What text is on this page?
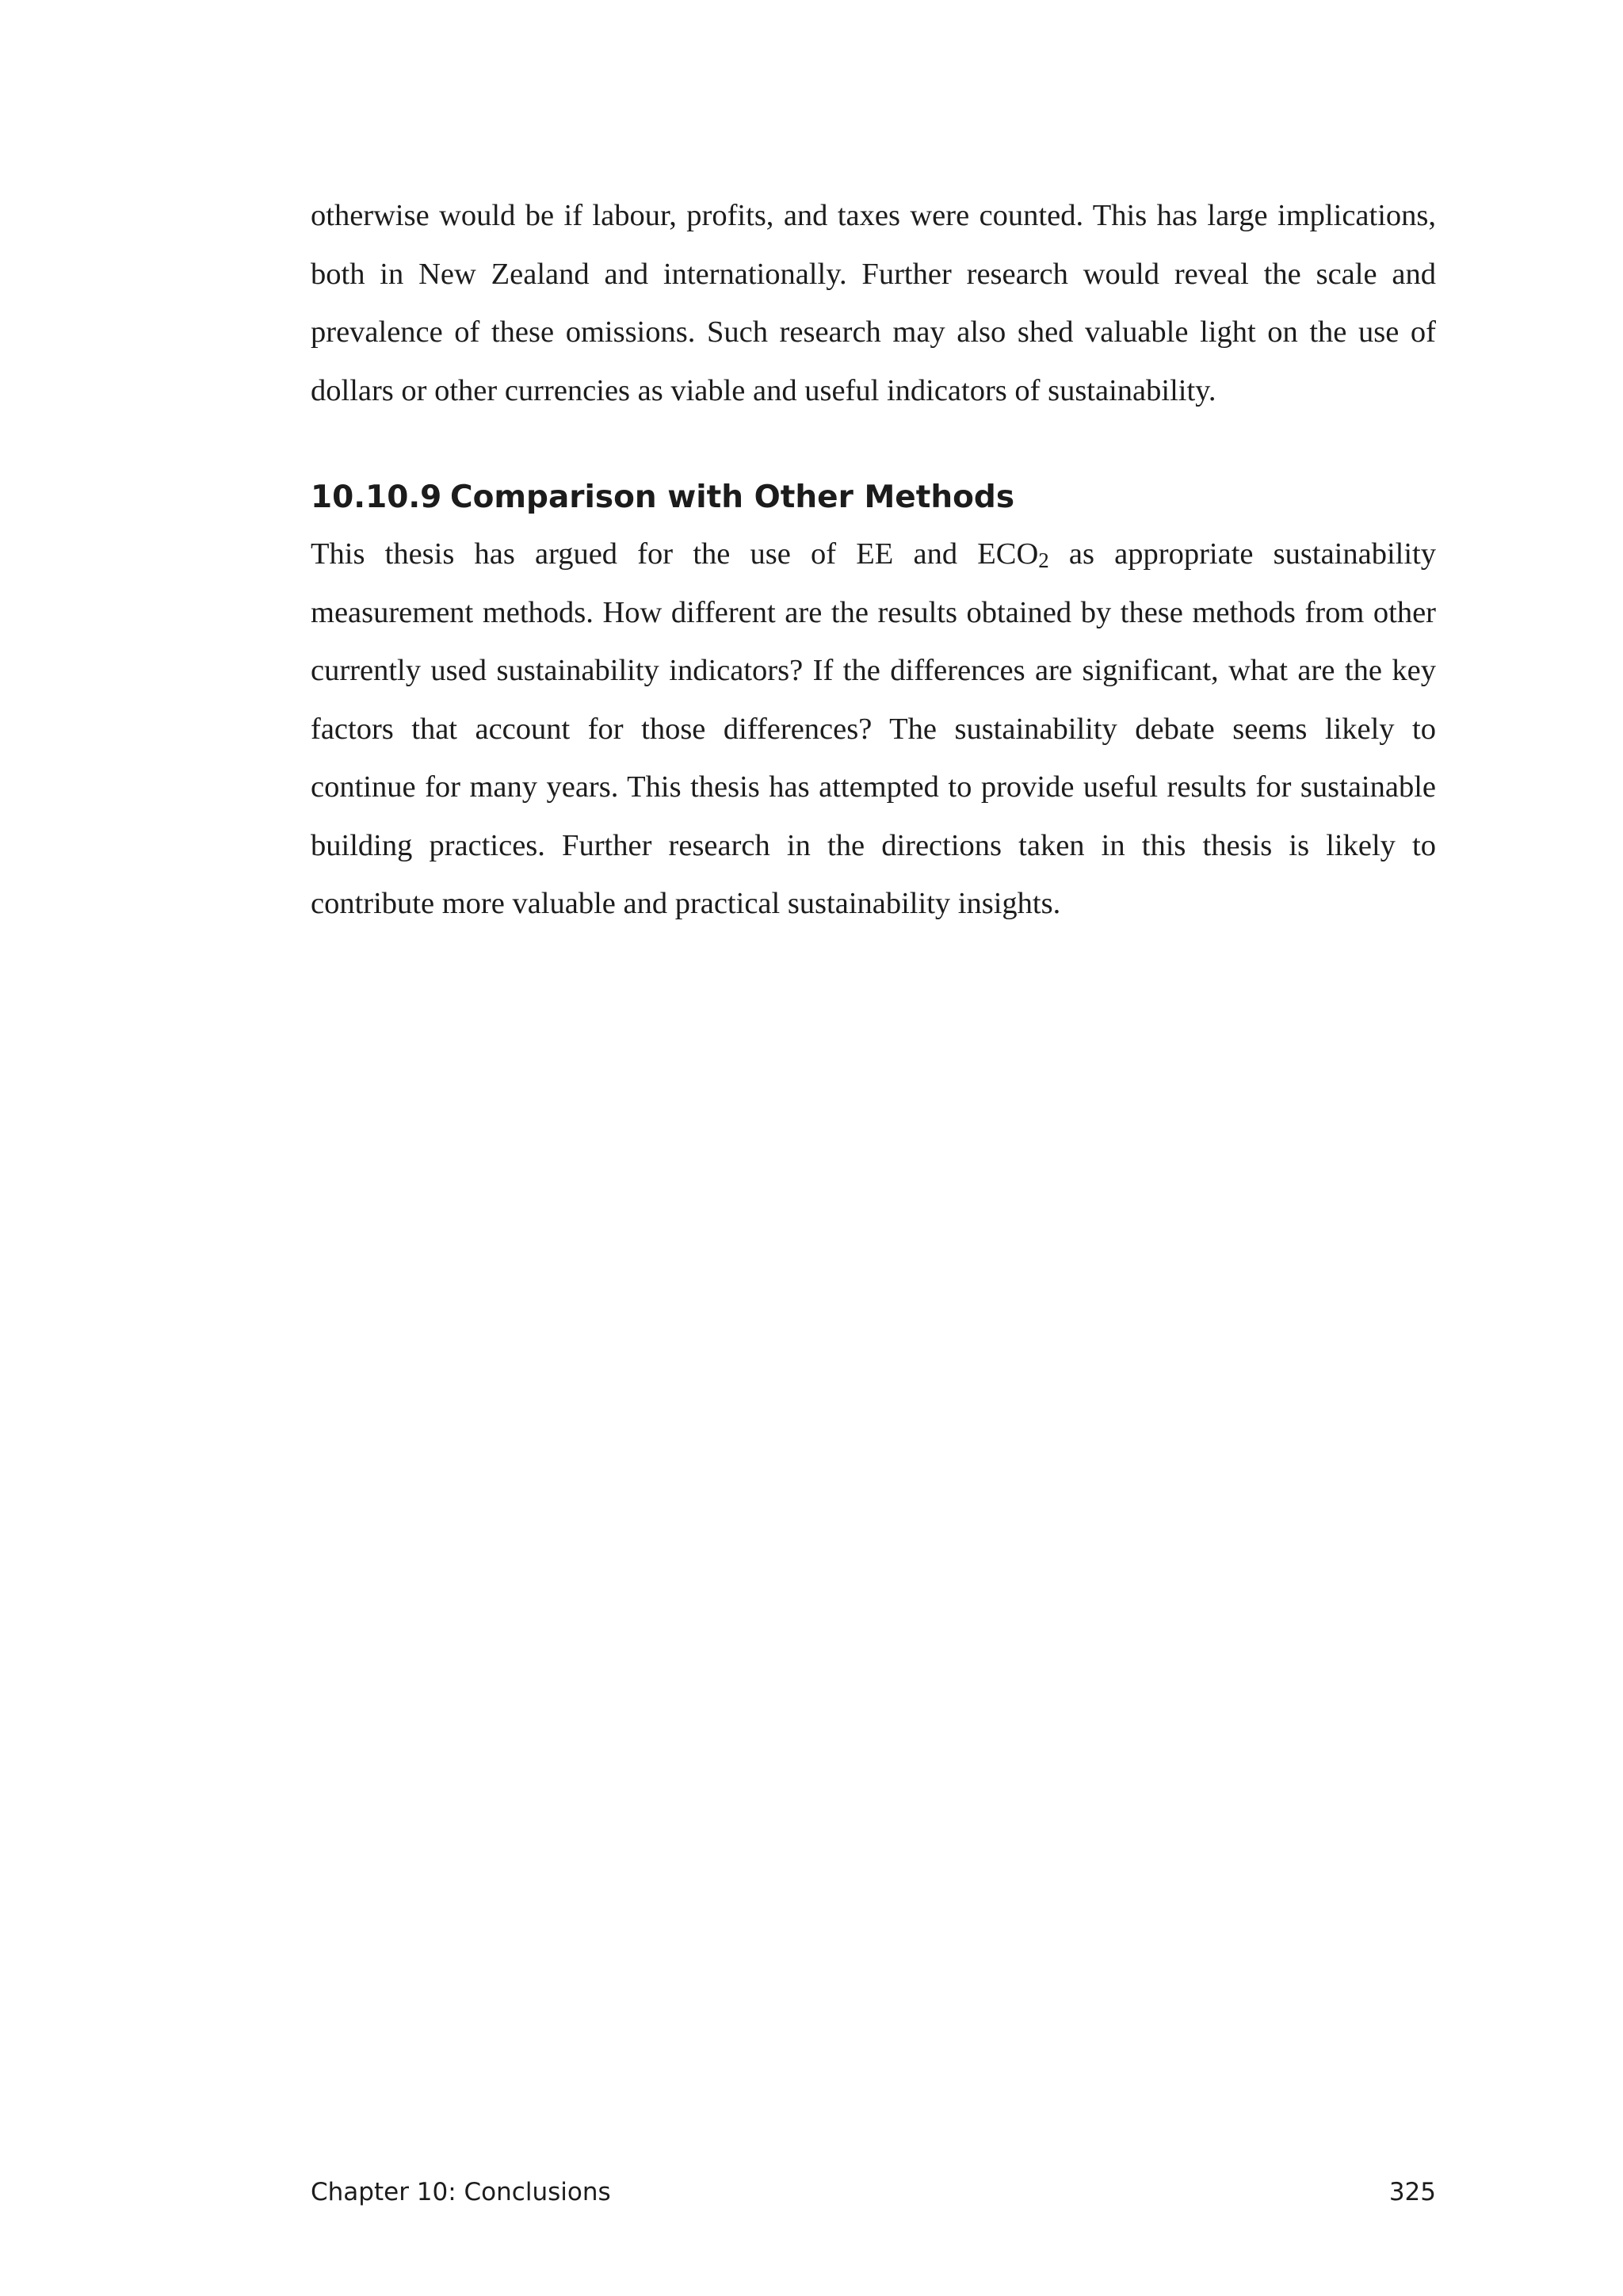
otherwise would be if labour, profits, and taxes were counted. This has large implications, both in New Zealand and internationally. Further research would reveal the scale and prevalence of these omissions. Such research may also shed valuable light on the use of dollars or other currencies as viable and useful indicators of sustainability.

10.10.9 Comparison with Other Methods

This thesis has argued for the use of EE and $ECO_2$ as appropriate sustainability measurement methods. How different are the results obtained by these methods from other currently used sustainability indicators? If the differences are significant, what are the key factors that account for those differences? The sustainability debate seems likely to continue for many years. This thesis has attempted to provide useful results for sustainable building practices. Further research in the directions taken in this thesis is likely to contribute more valuable and practical sustainability insights.

Chapter 10: Conclusions	325
